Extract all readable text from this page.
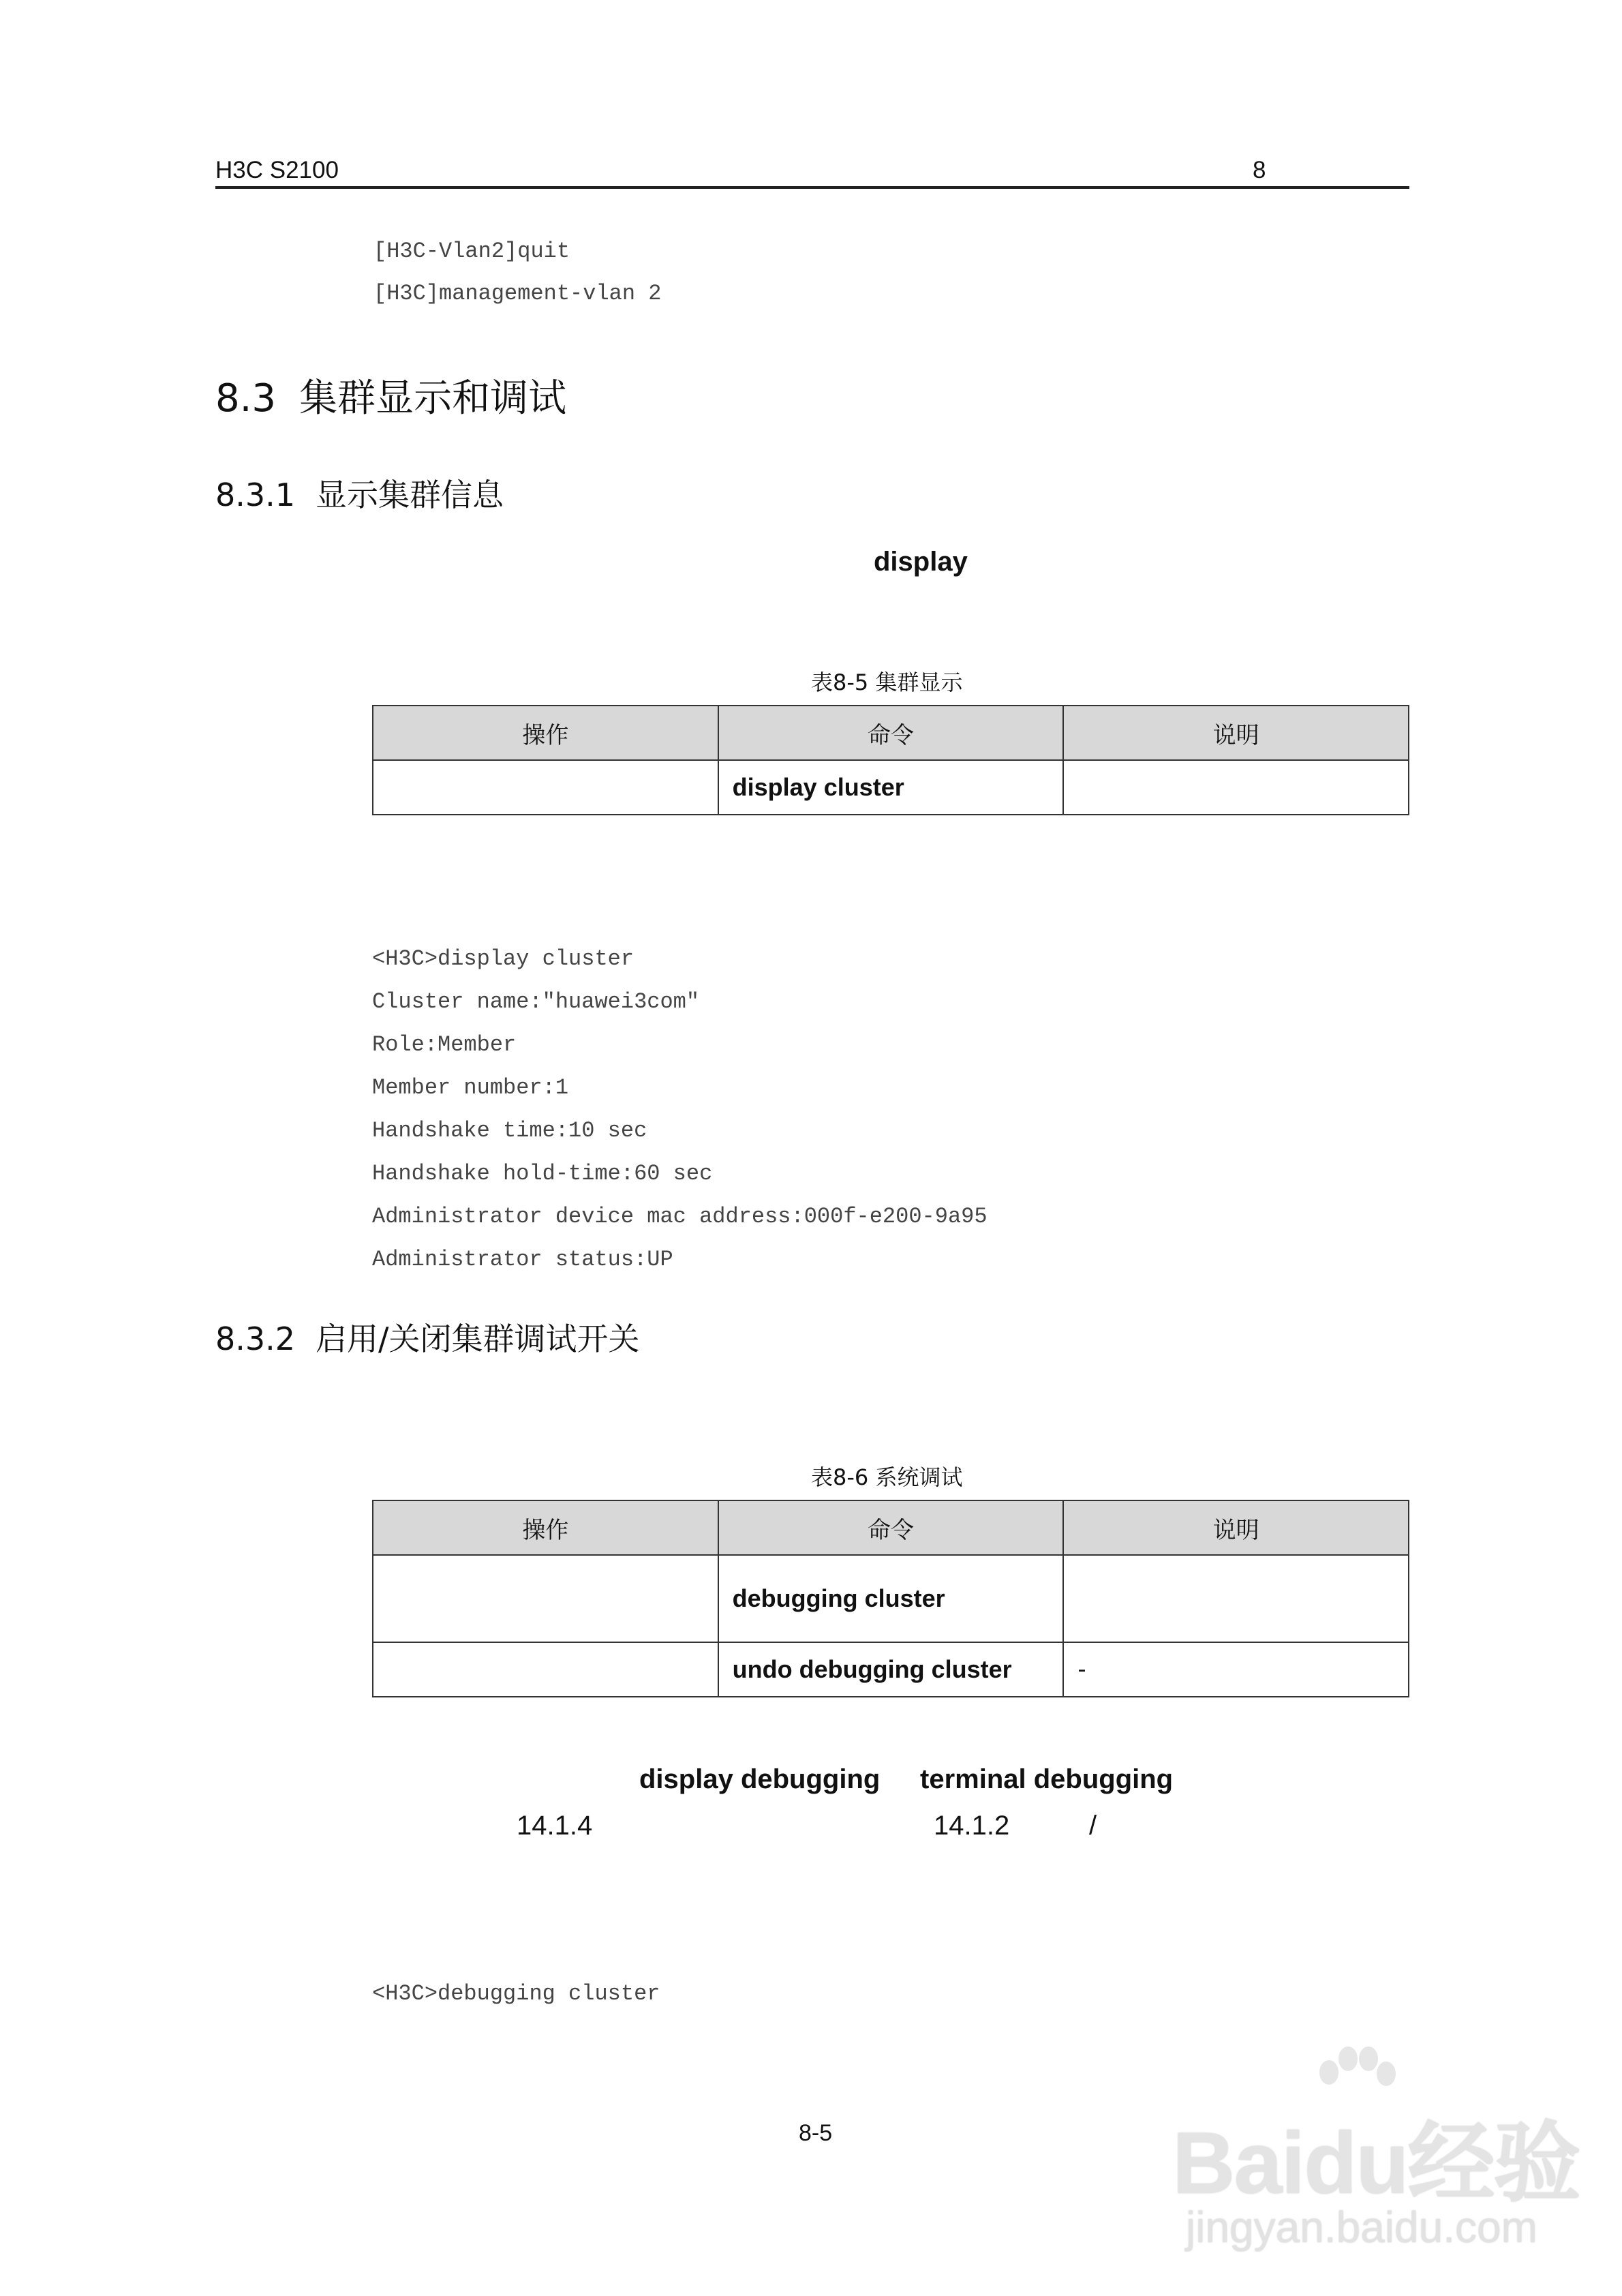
H3C S2100	8
[H3C-Vlan2]quit
[H3C]management-vlan 2
8.3 集群显示和调试
8.3.1 显示集群信息
display
表8-5 集群显示
操作	命令	说明
	display cluster	
<H3C>display cluster
Cluster name:"huawei3com"
Role:Member
Member number:1
Handshake time:10 sec
Handshake hold-time:60 sec
Administrator device mac address:000f-e200-9a95
Administrator status:UP
8.3.2 启用/关闭集群调试开关
表8-6 系统调试
操作	命令	说明
	debugging cluster	
	undo debugging cluster	-
display debugging terminal debugging
14.1.4	14.1.2	/
<H3C>debugging cluster
8-5	Baidu经验
jingyan.baidu.com
